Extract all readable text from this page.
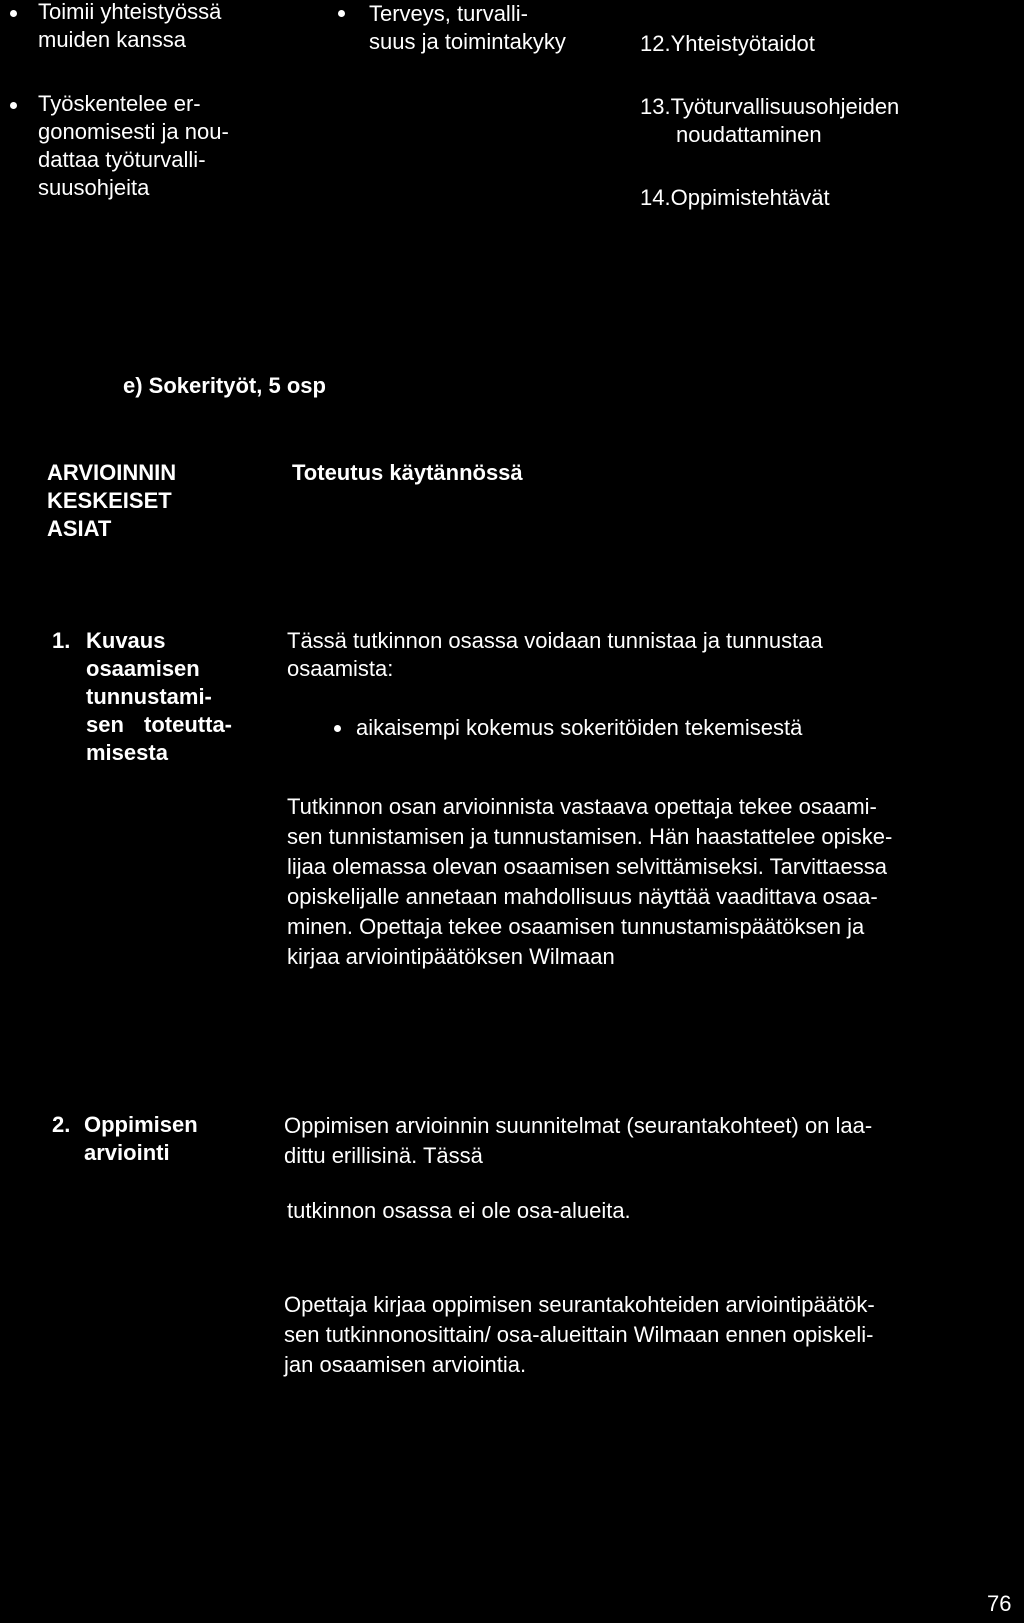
Toimii yhteistyössä

muiden kanssa

Työskentelee er-

gonomisesti ja nou-

dattaa työturvalli-

suusohjeita

Terveys, turvalli-

suus ja toimintakyky	12.Yhteistyötaidot

13.Työturvallisuusohjeiden

noudattaminen

14.Oppimistehtävät

e) Sokerityöt, 5 osp

ARVIOINNIN

KESKEISET

ASIAT

Toteutus käytännössä
1. Kuvaus

osaamisen

tunnustami-

sen toteutta-

misesta

Tässä tutkinnon osassa voidaan tunnistaa ja tunnustaa

osaamista:

aikaisempi kokemus sokeritöiden tekemisestä

Tutkinnon osan arvioinnista vastaava opettaja tekee osaami-

sen tunnistamisen ja tunnustamisen. Hän haastattelee opiske-

lijaa olemassa olevan osaamisen selvittämiseksi. Tarvittaessa

opiskelijalle annetaan mahdollisuus näyttää vaadittava osaa-

minen. Opettaja tekee osaamisen tunnustamispäätöksen ja

kirjaa arviointipäätöksen Wilmaan

2. Oppimisen

arviointi

Oppimisen arvioinnin suunnitelmat (seurantakohteet) on laa-

dittu erillisinä. Tässä

tutkinnon osassa ei ole osa-alueita.

Opettaja kirjaa oppimisen seurantakohteiden arviointipäätök-

sen tutkinnonosittain/ osa-alueittain Wilmaan ennen opiskeli-

jan osaamisen arviointia.

76
